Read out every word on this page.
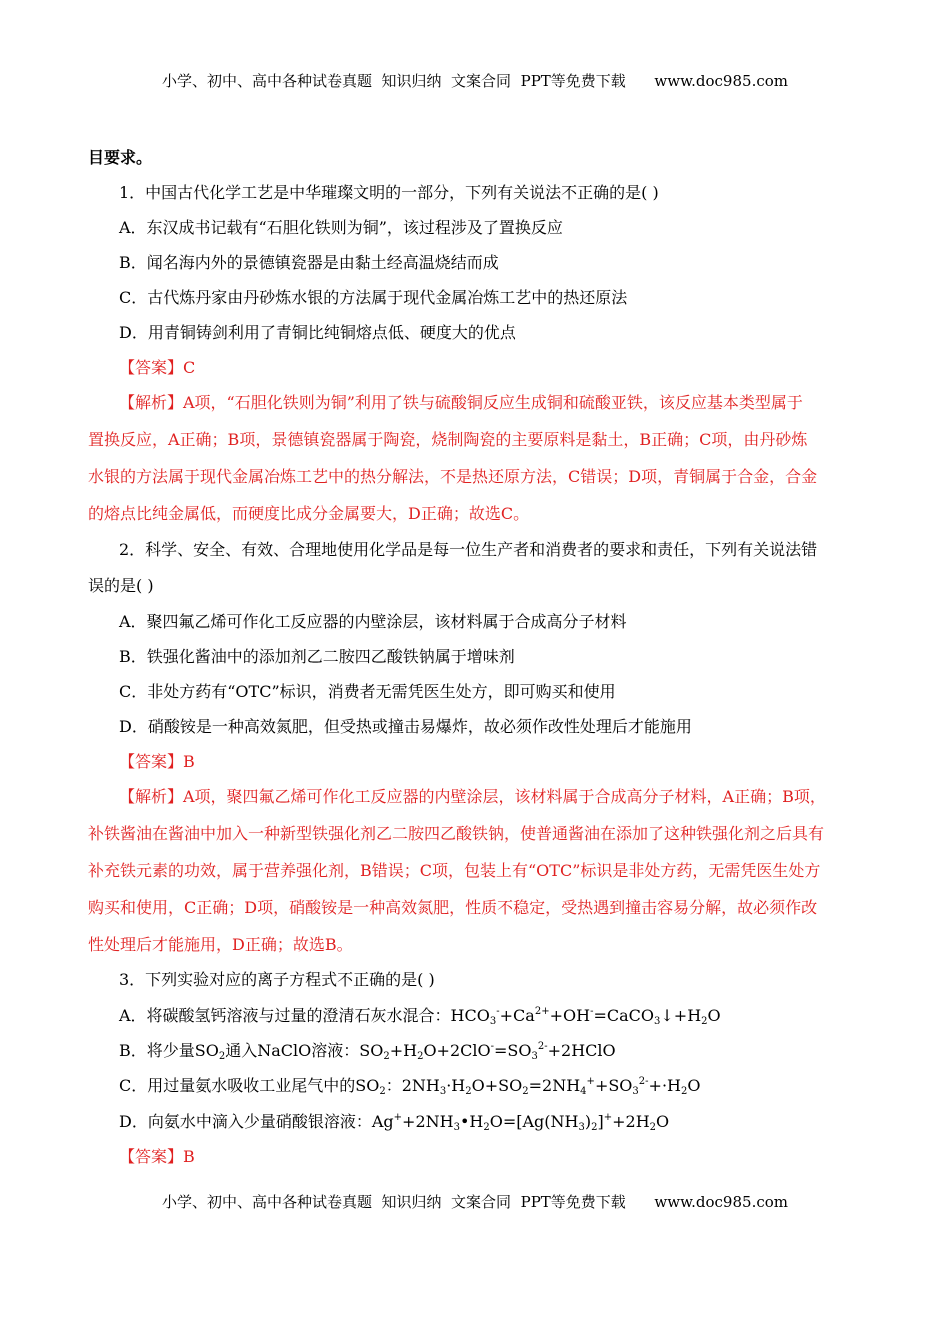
小学、初中、高中各种试卷真题  知识归纳  文案合同  PPT等免费下载      www.doc985.com
目要求。
1．中国古代化学工艺是中华璀璨文明的一部分，下列有关说法不正确的是( )
A．东汉成书记载有“石胆化铁则为铜”，该过程涉及了置换反应
B．闻名海内外的景德镇瓷器是由黏土经高温烧结而成
C．古代炼丹家由丹砂炼水银的方法属于现代金属冶炼工艺中的热还原法
D．用青铜铸剑利用了青铜比纯铜熔点低、硬度大的优点
【答案】C
【解析】A项，“石胆化铁则为铜”利用了铁与硫酸铜反应生成铜和硫酸亚铁，该反应基本类型属于
置换反应，A正确；B项，景德镇瓷器属于陶瓷，烧制陶瓷的主要原料是黏土，B正确；C项，由丹砂炼
水银的方法属于现代金属冶炼工艺中的热分解法，不是热还原方法，C错误；D项，青铜属于合金，合金
的熔点比纯金属低，而硬度比成分金属要大，D正确；故选C。
2．科学、安全、有效、合理地使用化学品是每一位生产者和消费者的要求和责任，下列有关说法错
误的是( )
A．聚四氟乙烯可作化工反应器的内壁涂层，该材料属于合成高分子材料
B．铁强化酱油中的添加剂乙二胺四乙酸铁钠属于增味剂
C．非处方药有“OTC”标识，消费者无需凭医生处方，即可购买和使用
D．硝酸铵是一种高效氮肥，但受热或撞击易爆炸，故必须作改性处理后才能施用
【答案】B
【解析】A项，聚四氟乙烯可作化工反应器的内壁涂层，该材料属于合成高分子材料，A正确；B项，
补铁酱油在酱油中加入一种新型铁强化剂乙二胺四乙酸铁钠，使普通酱油在添加了这种铁强化剂之后具有
补充铁元素的功效，属于营养强化剂，B错误；C项，包装上有“OTC”标识是非处方药，无需凭医生处方
购买和使用，C正确；D项，硝酸铵是一种高效氮肥，性质不稳定，受热遇到撞击容易分解，故必须作改
性处理后才能施用，D正确；故选B。
3．下列实验对应的离子方程式不正确的是( )
A．将碳酸氢钙溶液与过量的澄清石灰水混合：$HCO_3^-+Ca^{2+}+OH^-=CaCO_3↓+H_2O$
B．将少量$SO_2$通入NaClO溶液：$SO_2+H_2O+2ClO^-=SO_3^{2-}+2HClO$
C．用过量氨水吸收工业尾气中的$SO_2$：$2NH_3\cdot H_2O+SO_2=2NH_4^++SO_3^{2-}+\cdot H_2O$
D．向氨水中滴入少量硝酸银溶液：$Ag^++2NH_3•H_2O=[Ag(NH_3)_2]^++2H_2O$
【答案】B
小学、初中、高中各种试卷真题  知识归纳  文案合同  PPT等免费下载      www.doc985.com
